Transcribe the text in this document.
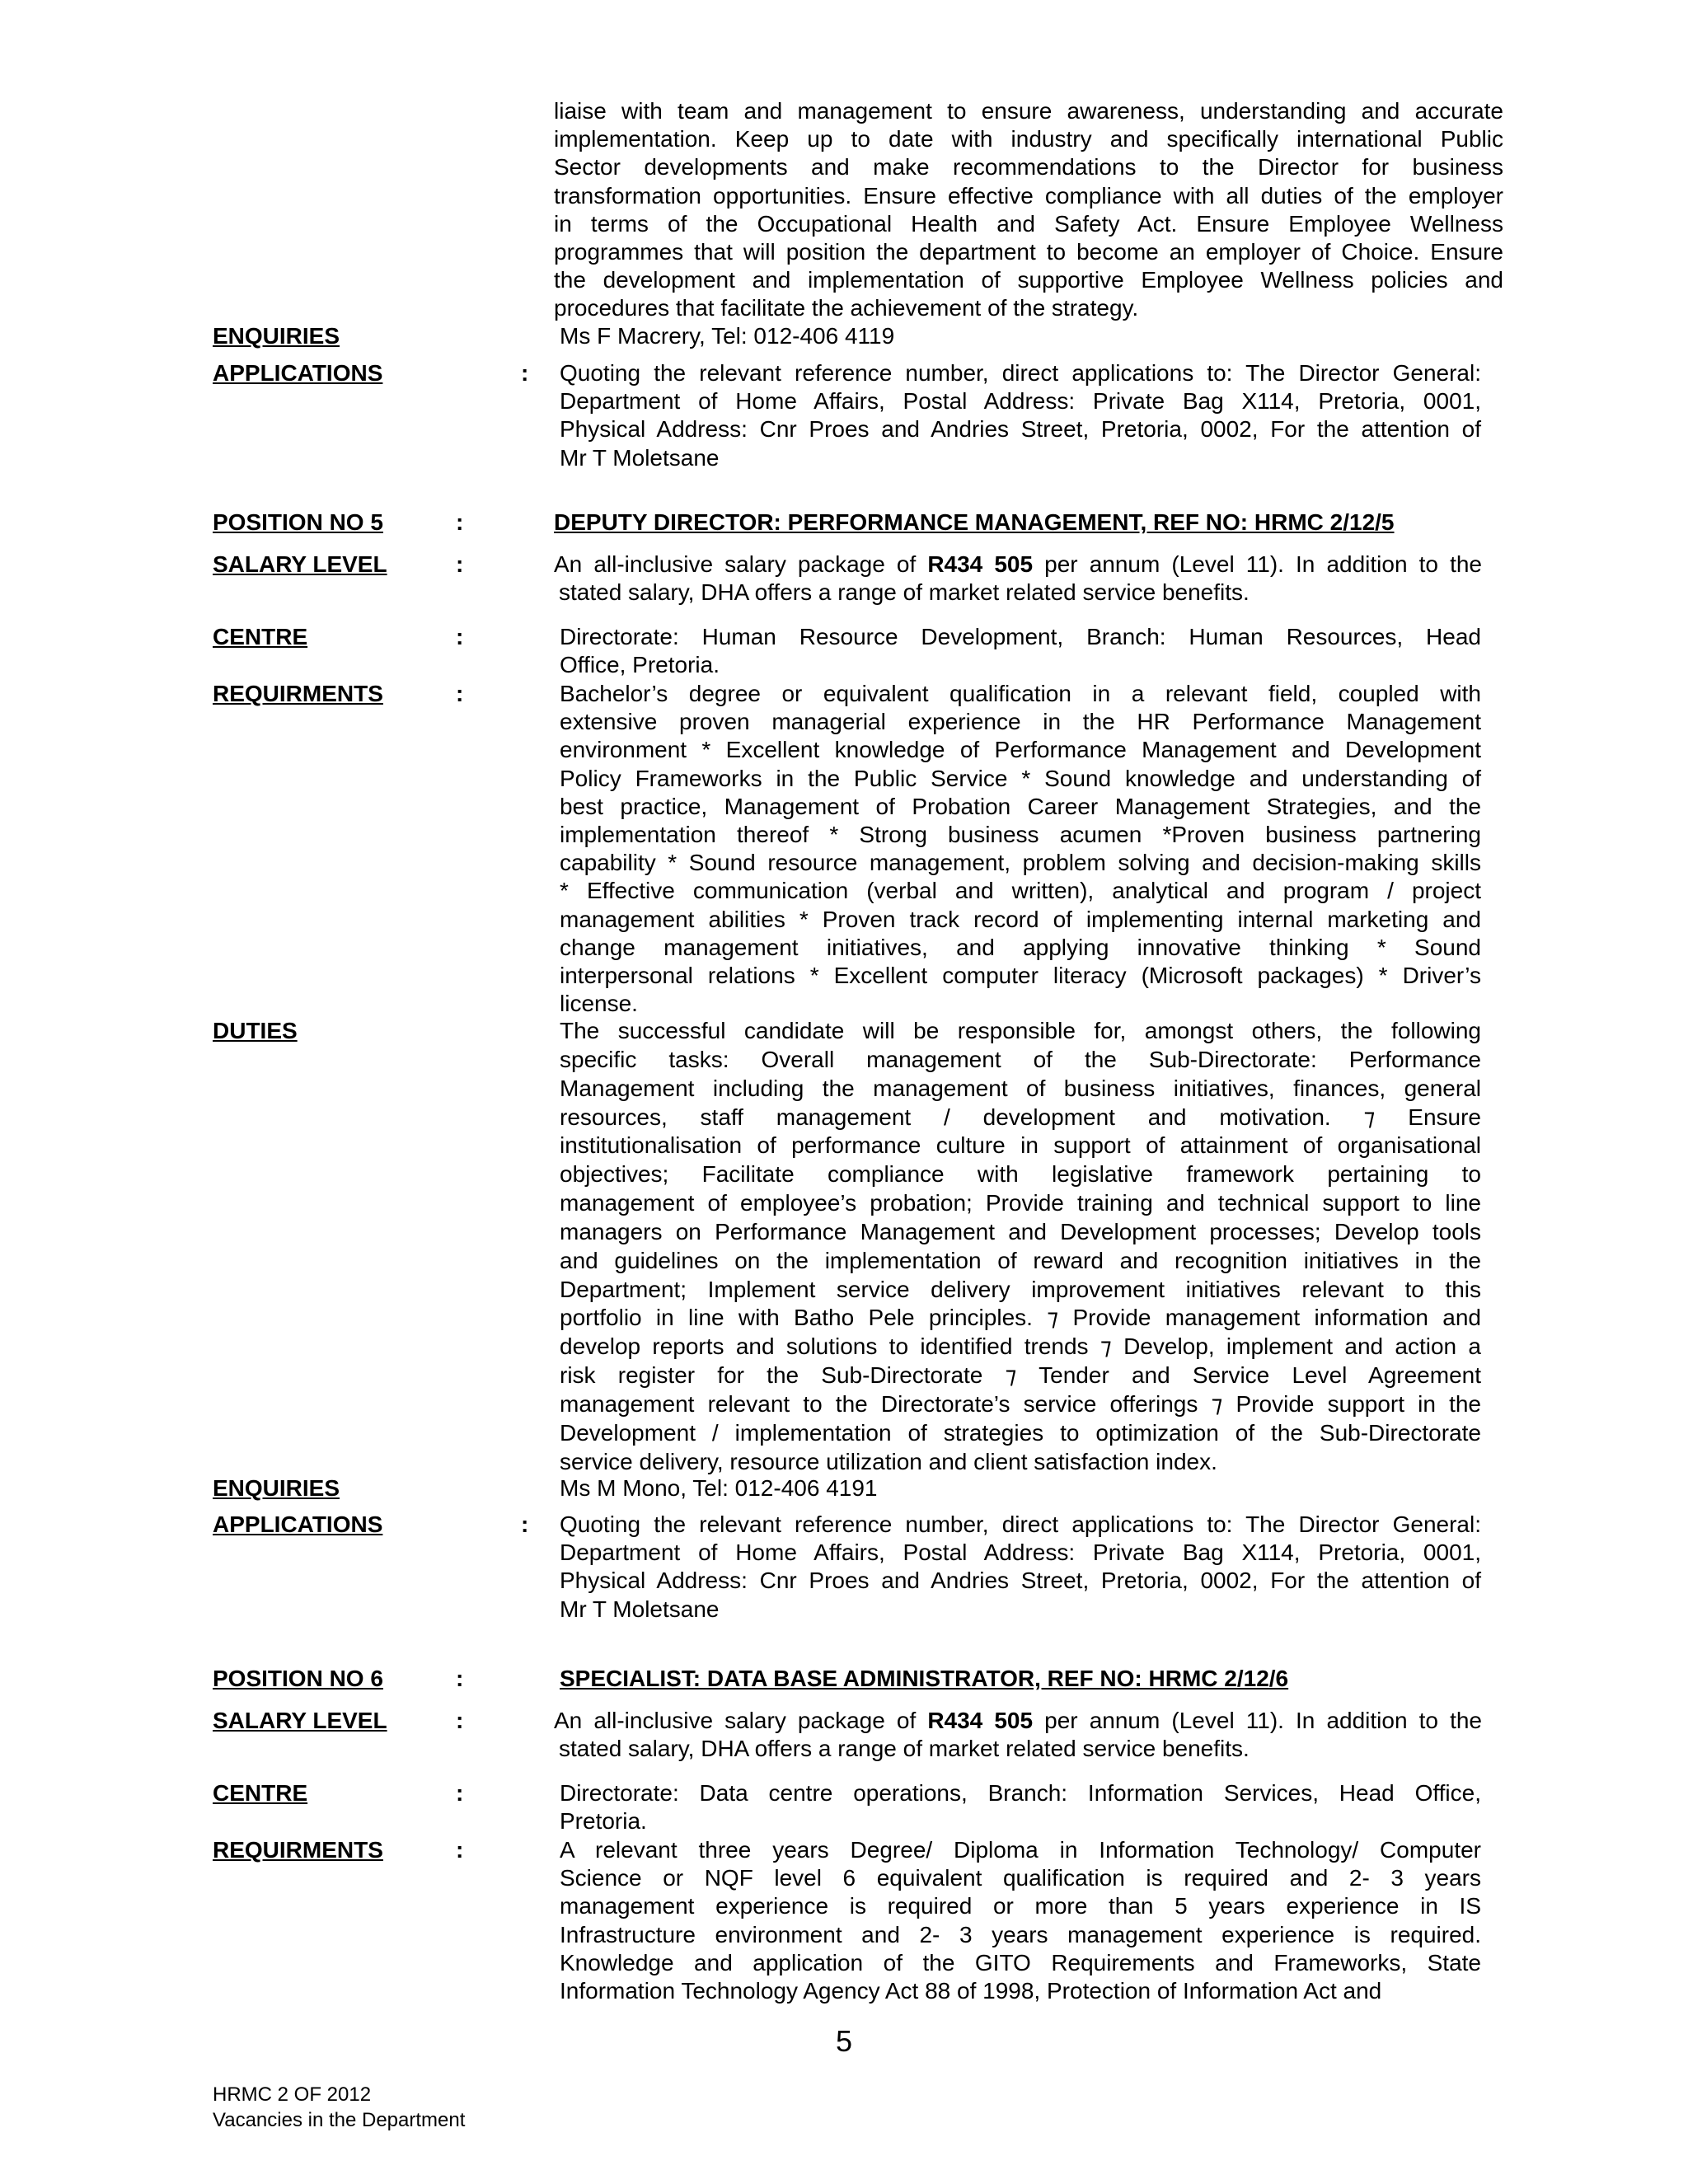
liaise with team and management to ensure awareness, understanding and accurate
implementation. Keep up to date with industry and specifically international Public
Sector developments and make recommendations to the Director for business
transformation opportunities. Ensure effective compliance with all duties of the employer
in terms of the Occupational Health and Safety Act. Ensure Employee Wellness
programmes that will position the department to become an employer of Choice. Ensure
the development and implementation of supportive Employee Wellness policies and
procedures that facilitate the achievement of the strategy.
ENQUIRIES	Ms F Macrery, Tel: 012-406 4119
APPLICATIONS	: Quoting the relevant reference number, direct applications to: The Director General:
Department of Home Affairs, Postal Address: Private Bag X114, Pretoria, 0001,
Physical Address: Cnr Proes and Andries Street, Pretoria, 0002, For the attention of
Mr T Moletsane
POSITION NO 5	:	DEPUTY DIRECTOR: PERFORMANCE MANAGEMENT, REF NO: HRMC 2/12/5
SALARY LEVEL	:	An all-inclusive salary package of R434 505 per annum (Level 11). In addition to the
stated salary, DHA offers a range of market related service benefits.
CENTRE	:	Directorate: Human Resource Development, Branch: Human Resources, Head
Office, Pretoria.
REQUIRMENTS	:	Bachelor’s degree or equivalent qualification in a relevant field, coupled with
extensive proven managerial experience in the HR Performance Management
environment * Excellent knowledge of Performance Management and Development
Policy Frameworks in the Public Service * Sound knowledge and understanding of
best practice, Management of Probation Career Management Strategies, and the
implementation thereof * Strong business acumen *Proven business partnering
capability * Sound resource management, problem solving and decision-making skills
* Effective communication (verbal and written), analytical and program / project
management abilities * Proven track record of implementing internal marketing and
change management initiatives, and applying innovative thinking * Sound
interpersonal relations * Excellent computer literacy (Microsoft packages) * Driver’s
license.
DUTIES	The successful candidate will be responsible for, amongst others, the following
specific tasks: Overall management of the Sub-Directorate: Performance
Management including the management of business initiatives, finances, general
resources, staff management / development and motivation. ⁊ Ensure
institutionalisation of performance culture in support of attainment of organisational
objectives; Facilitate compliance with legislative framework pertaining to
management of employee’s probation; Provide training and technical support to line
managers on Performance Management and Development processes; Develop tools
and guidelines on the implementation of reward and recognition initiatives in the
Department; Implement service delivery improvement initiatives relevant to this
portfolio in line with Batho Pele principles. ⁊ Provide management information and
develop reports and solutions to identified trends ⁊ Develop, implement and action a
risk register for the Sub-Directorate ⁊ Tender and Service Level Agreement
management relevant to the Directorate’s service offerings ⁊ Provide support in the
Development / implementation of strategies to optimization of the Sub-Directorate
service delivery, resource utilization and client satisfaction index.
ENQUIRIES	Ms M Mono, Tel: 012-406 4191
APPLICATIONS	: Quoting the relevant reference number, direct applications to: The Director General:
Department of Home Affairs, Postal Address: Private Bag X114, Pretoria, 0001,
Physical Address: Cnr Proes and Andries Street, Pretoria, 0002, For the attention of
Mr T Moletsane
POSITION NO 6	:	SPECIALIST: DATA BASE ADMINISTRATOR, REF NO: HRMC 2/12/6
SALARY LEVEL	:	An all-inclusive salary package of R434 505 per annum (Level 11). In addition to the
stated salary, DHA offers a range of market related service benefits.
CENTRE	:	Directorate: Data centre operations, Branch: Information Services, Head Office,
Pretoria.
REQUIRMENTS	:	A relevant three years Degree/ Diploma in Information Technology/ Computer
Science or NQF level 6 equivalent qualification is required and 2- 3 years
management experience is required or more than 5 years experience in IS
Infrastructure environment and 2- 3 years management experience is required.
Knowledge and application of the GITO Requirements and Frameworks, State
Information Technology Agency Act 88 of 1998, Protection of Information Act and
5
HRMC 2 OF 2012
Vacancies in the Department
